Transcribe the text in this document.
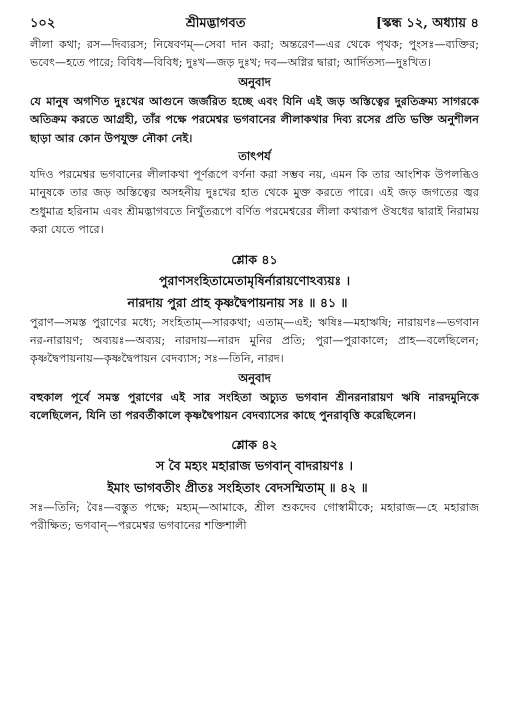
১০২	শ্রীমদ্ভাগবত	[স্কন্ধ ১২, অধ্যায় ৪
লীলা কথা; রস—দিব্যরস; নিষেবণম্—সেবা দান করা; অন্তরেণ—এর থেকে পৃথক; পুংসঃ—ব্যক্তির; ভবেৎ—হতে পারে; বিবিধ—বিবিধ; দুঃখ—জড় দুঃখ; দব—অগ্নির দ্বারা; আর্দিতস্য—দুঃখিত।
অনুবাদ
যে মানুষ অগণিত দুঃখের আগুনে জর্জরিত হচ্ছে এবং যিনি এই জড় অস্তিত্বের দুরতিক্রম্য সাগরকে অতিক্রম করতে আগ্রহী, তাঁর পক্ষে পরমেশ্বর ভগবানের লীলাকথার দিব্য রসের প্রতি ভক্তি অনুশীলন ছাড়া আর কোন উপযুক্ত নৌকা নেই।
তাৎপর্য
যদিও পরমেশ্বর ভগবানের লীলাকথা পূর্ণরূপে বর্ণনা করা সম্ভব নয়, এমন কি তার আংশিক উপলব্ধিও মানুষকে তার জড় অস্তিত্বের অসহনীয় দুঃখের হাত থেকে মুক্ত করতে পারে। এই জড় জগতের জ্বর শুধুমাত্র হরিনাম এবং শ্রীমদ্ভাগবতে নিখুঁতরূপে বর্ণিত পরমেশ্বরের লীলা কথারূপ ঔষধের দ্বারাই নিরাময় করা যেতে পারে।
শ্লোক ৪১
পুরাণসংহিতামেতামৃষির্নারায়ণোঽব্যয়ঃ ।
নারদায় পুরা প্রাহ কৃষ্ণদ্বৈপায়নায় সঃ ॥ ৪১ ॥
পুরাণ—সমস্ত পুরাণের মধ্যে; সংহিতাম্—সারকথা; এতাম্—এই; ঋষিঃ—মহাঋষি; নারায়ণঃ—ভগবান নর-নারায়ণ; অব্যয়ঃ—অব্যয়; নারদায়—নারদ মুনির প্রতি; পুরা—পুরাকালে; প্রাহ—বলেছিলেন; কৃষ্ণদ্বৈপায়নায়—কৃষ্ণদ্বৈপায়ন বেদব্যাস; সঃ—তিনি, নারদ।
অনুবাদ
বহুকাল পূর্বে সমস্ত পুরাণের এই সার সংহিতা অচ্যুত ভগবান শ্রীনরনারায়ণ ঋষি নারদমুনিকে বলেছিলেন, যিনি তা পরবর্তীকালে কৃষ্ণদ্বৈপায়ন বেদব্যাসের কাছে পুনরাবৃত্তি করেছিলেন।
শ্লোক ৪২
স বৈ মহ্যং মহারাজ ভগবান্ বাদরায়ণঃ ।
ইমাং ভাগবতীং প্রীতঃ সংহিতাং বেদসম্মিতাম্ ॥ ৪২ ॥
সঃ—তিনি; বৈঃ—বস্তুত পক্ষে; মহ্যম্—আমাকে, শ্রীল শুকদেব গোস্বামীকে; মহারাজ—হে মহারাজ পরীক্ষিত; ভগবান্—পরমেশ্বর ভগবানের শক্তিশালী
